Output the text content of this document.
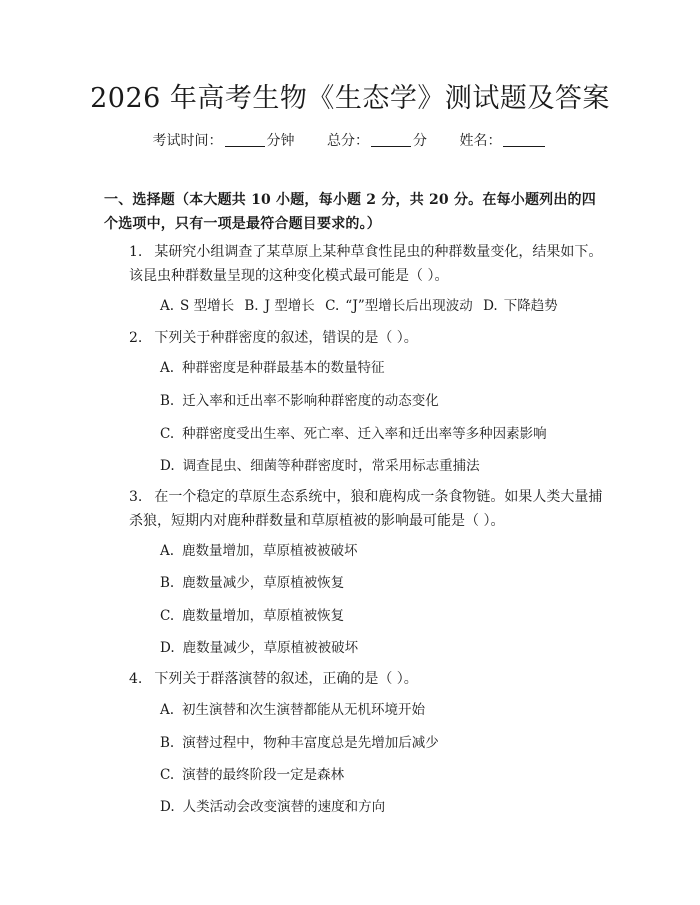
2026 年高考生物《生态学》测试题及答案
考试时间：	分钟 总分：	分 姓名：
一、选择题（本大题共 10 小题，每小题 2 分，共 20 分。在每小题列出的四个选项中，只有一项是最符合题目要求的。）
1. 某研究小组调查了某草原上某种草食性昆虫的种群数量变化，结果如下。该昆虫种群数量呈现的这种变化模式最可能是（ ）。
A. S 型增长 B. J 型增长 C. “J”型增长后出现波动 D. 下降趋势
2. 下列关于种群密度的叙述，错误的是（ ）。
A. 种群密度是种群最基本的数量特征
B. 迁入率和迁出率不影响种群密度的动态变化
C. 种群密度受出生率、死亡率、迁入率和迁出率等多种因素影响
D. 调查昆虫、细菌等种群密度时，常采用标志重捕法
3. 在一个稳定的草原生态系统中，狼和鹿构成一条食物链。如果人类大量捕杀狼，短期内对鹿种群数量和草原植被的影响最可能是（ ）。
A. 鹿数量增加，草原植被被破坏
B. 鹿数量减少，草原植被恢复
C. 鹿数量增加，草原植被恢复
D. 鹿数量减少，草原植被被破坏
4. 下列关于群落演替的叙述，正确的是（ ）。
A. 初生演替和次生演替都能从无机环境开始
B. 演替过程中，物种丰富度总是先增加后减少
C. 演替的最终阶段一定是森林
D. 人类活动会改变演替的速度和方向
